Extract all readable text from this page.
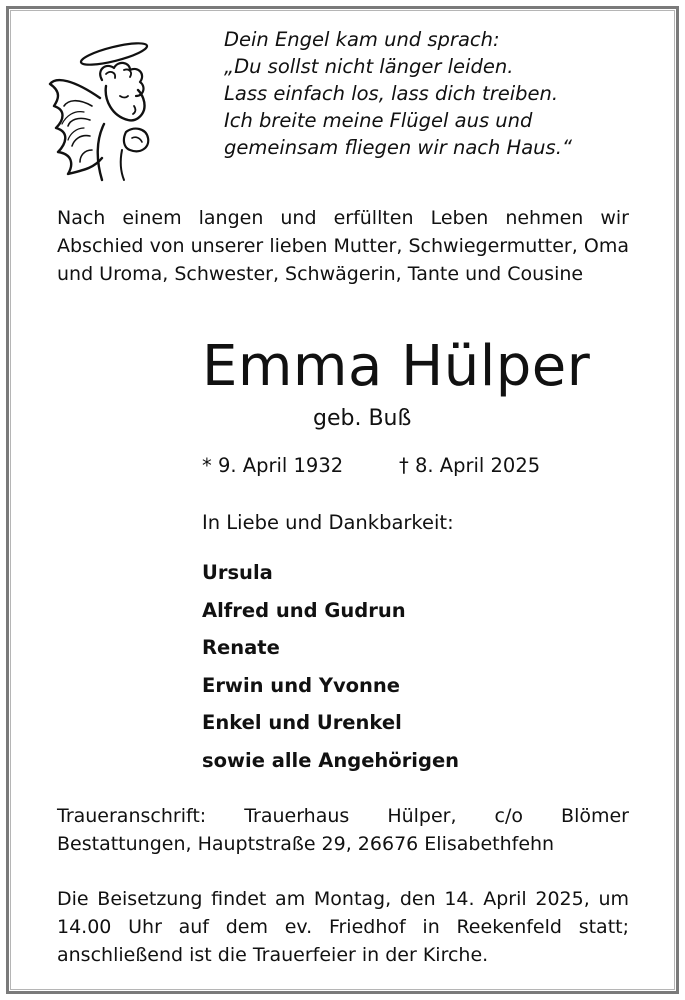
Dein Engel kam und sprach:
„Du sollst nicht länger leiden.
Lass einfach los, lass dich treiben.
Ich breite meine Flügel aus und
gemeinsam fliegen wir nach Haus.“
Nach einem langen und erfüllten Leben nehmen wir Abschied von unserer lieben Mutter, Schwiegermutter, Oma und Uroma, Schwester, Schwägerin, Tante und Cousine
Emma Hülper
geb. Buß
* 9. April 1932	† 8. April 2025
In Liebe und Dankbarkeit:
Ursula
Alfred und Gudrun
Renate
Erwin und Yvonne
Enkel und Urenkel
sowie alle Angehörigen
Traueranschrift: Trauerhaus Hülper, c/o Blömer Bestattungen, Hauptstraße 29, 26676 Elisabethfehn
Die Beisetzung findet am Montag, den 14. April 2025, um 14.00 Uhr auf dem ev. Friedhof in Reekenfeld statt; anschließend ist die Trauerfeier in der Kirche.
